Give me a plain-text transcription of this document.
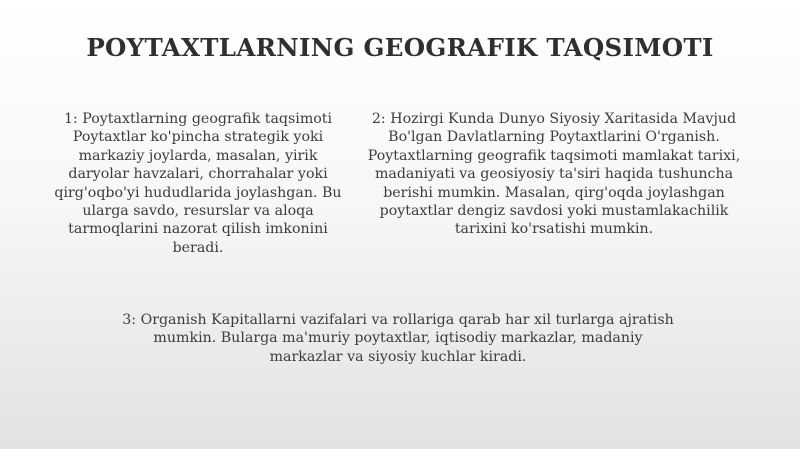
POYTAXTLARNING GEOGRAFIK TAQSIMOTI

1: Poytaxtlarning geografik taqsimoti Poytaxtlar ko'pincha strategik yoki markaziy joylarda, masalan, yirik daryolar havzalari, chorrahalar yoki qirg'oqbo'yi hududlarida joylashgan. Bu ularga savdo, resurslar va aloqa tarmoqlarini nazorat qilish imkonini beradi.

2: Hozirgi Kunda Dunyo Siyosiy Xaritasida Mavjud Bo'lgan Davlatlarning Poytaxtlarini O'rganish. Poytaxtlarning geografik taqsimoti mamlakat tarixi, madaniyati va geosiyosiy ta'siri haqida tushuncha berishi mumkin. Masalan, qirg'oqda joylashgan poytaxtlar dengiz savdosi yoki mustamlakachilik tarixini ko'rsatishi mumkin.

3: Organish Kapitallarni vazifalari va rollariga qarab har xil turlarga ajratish mumkin. Bularga ma'muriy poytaxtlar, iqtisodiy markazlar, madaniy markazlar va siyosiy kuchlar kiradi.
